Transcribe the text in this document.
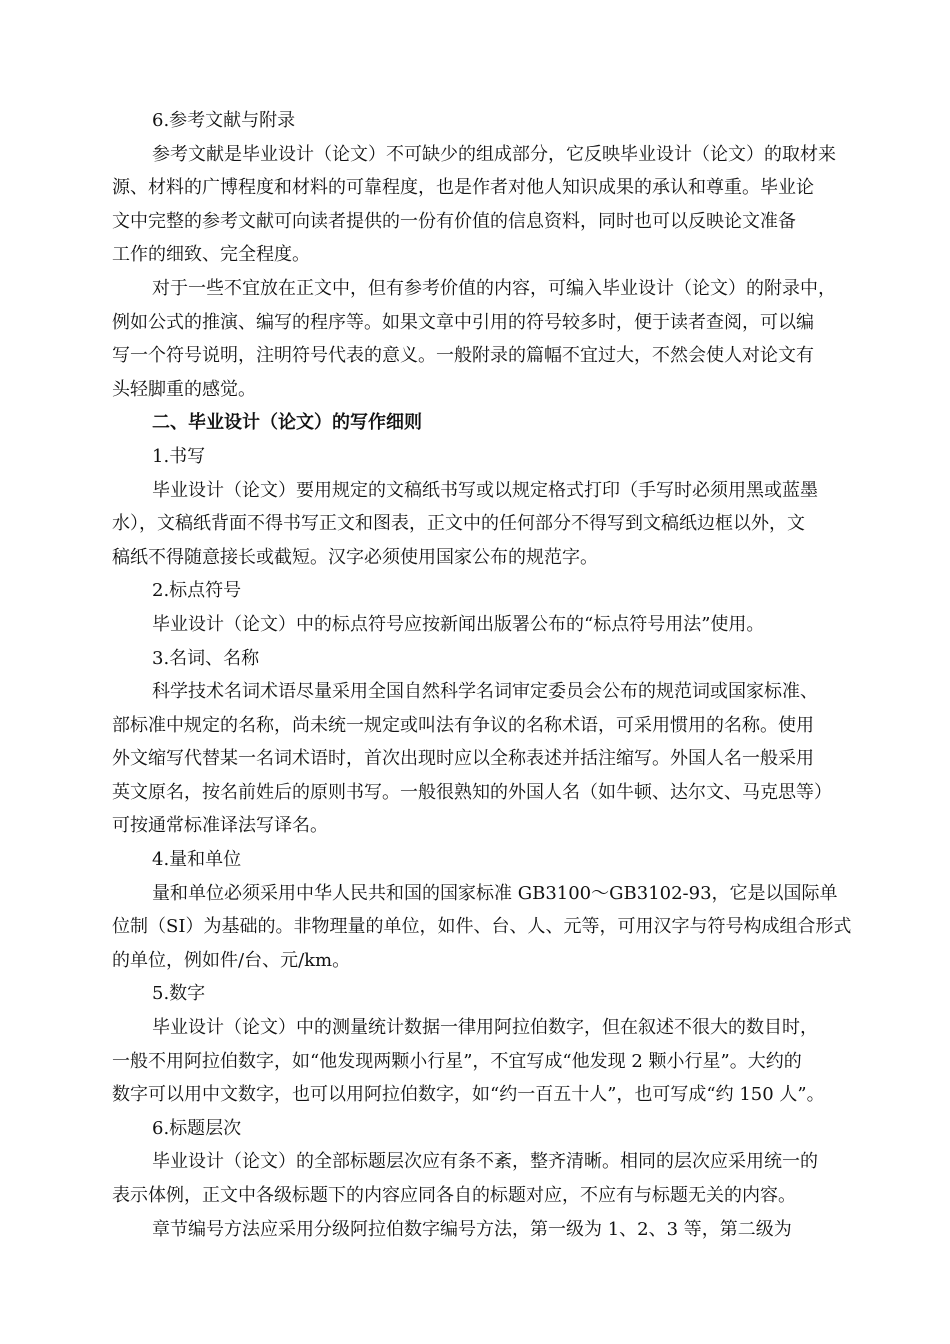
6.参考文献与附录

参考文献是毕业设计（论文）不可缺少的组成部分，它反映毕业设计（论文）的取材来

源、材料的广博程度和材料的可靠程度，也是作者对他人知识成果的承认和尊重。毕业论

文中完整的参考文献可向读者提供的一份有价值的信息资料，同时也可以反映论文准备

工作的细致、完全程度。

对于一些不宜放在正文中，但有参考价值的内容，可编入毕业设计（论文）的附录中，

例如公式的推演、编写的程序等。如果文章中引用的符号较多时，便于读者查阅，可以编

写一个符号说明，注明符号代表的意义。一般附录的篇幅不宜过大，不然会使人对论文有

头轻脚重的感觉。

二、毕业设计（论文）的写作细则

1.书写

毕业设计（论文）要用规定的文稿纸书写或以规定格式打印（手写时必须用黑或蓝墨

水），文稿纸背面不得书写正文和图表，正文中的任何部分不得写到文稿纸边框以外，文

稿纸不得随意接长或截短。汉字必须使用国家公布的规范字。

2.标点符号

毕业设计（论文）中的标点符号应按新闻出版署公布的“标点符号用法”使用。

3.名词、名称

科学技术名词术语尽量采用全国自然科学名词审定委员会公布的规范词或国家标准、

部标准中规定的名称，尚未统一规定或叫法有争议的名称术语，可采用惯用的名称。使用

外文缩写代替某一名词术语时，首次出现时应以全称表述并括注缩写。外国人名一般采用

英文原名，按名前姓后的原则书写。一般很熟知的外国人名（如牛顿、达尔文、马克思等）

可按通常标准译法写译名。

4.量和单位

量和单位必须采用中华人民共和国的国家标准 GB3100～GB3102-93，它是以国际单

位制（SI）为基础的。非物理量的单位，如件、台、人、元等，可用汉字与符号构成组合形式

的单位，例如件/台、元/km。

5.数字

毕业设计（论文）中的测量统计数据一律用阿拉伯数字，但在叙述不很大的数目时，

一般不用阿拉伯数字，如“他发现两颗小行星”，不宜写成“他发现 2 颗小行星”。大约的

数字可以用中文数字，也可以用阿拉伯数字，如“约一百五十人”，也可写成“约 150 人”。

6.标题层次

毕业设计（论文）的全部标题层次应有条不紊，整齐清晰。相同的层次应采用统一的

表示体例，正文中各级标题下的内容应同各自的标题对应，不应有与标题无关的内容。

章节编号方法应采用分级阿拉伯数字编号方法，第一级为 1、2、3 等，第二级为
